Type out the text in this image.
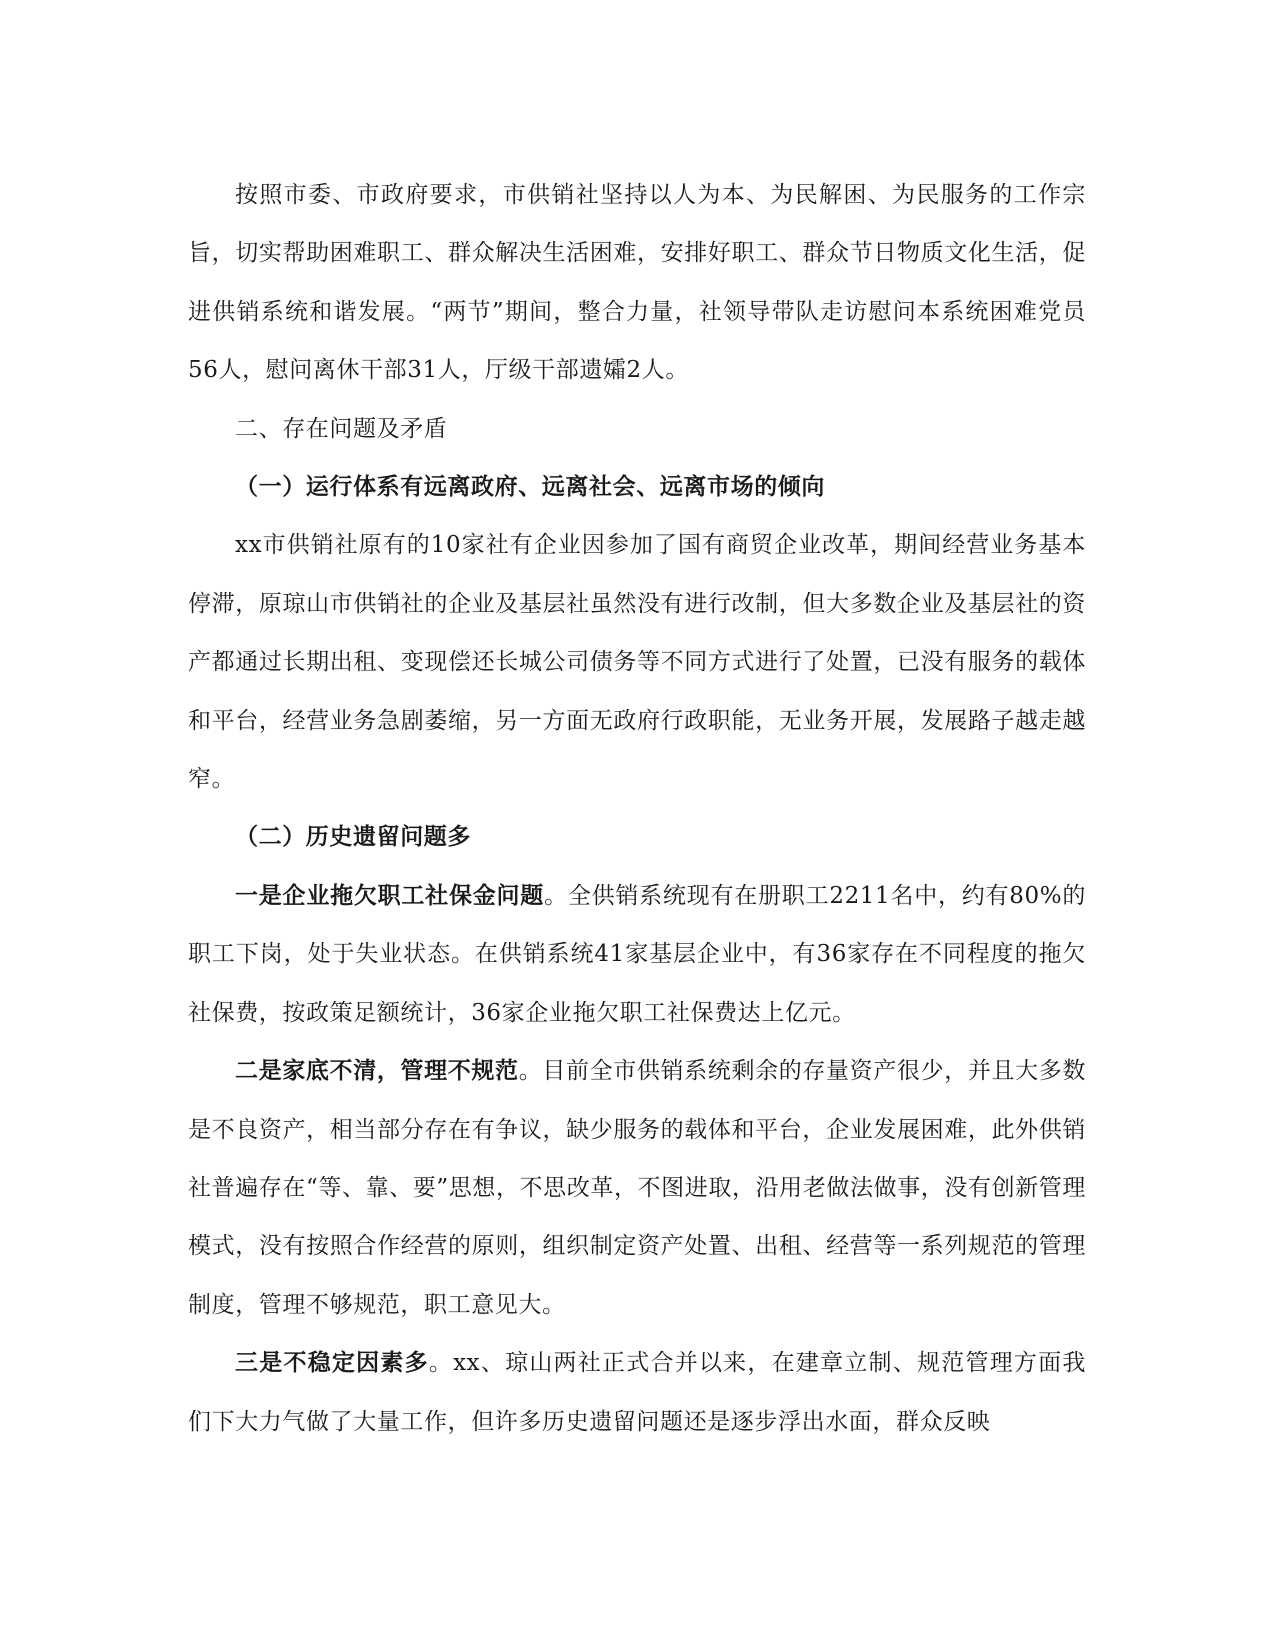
按照市委、市政府要求，市供销社坚持以人为本、为民解困、为民服务的工作宗旨，切实帮助困难职工、群众解决生活困难，安排好职工、群众节日物质文化生活，促进供销系统和谐发展。“两节”期间，整合力量，社领导带队走访慰问本系统困难党员56人，慰问离休干部31人，厅级干部遗孀2人。

二、存在问题及矛盾

（一）运行体系有远离政府、远离社会、远离市场的倾向

xx市供销社原有的10家社有企业因参加了国有商贸企业改革，期间经营业务基本停滞，原琼山市供销社的企业及基层社虽然没有进行改制，但大多数企业及基层社的资产都通过长期出租、变现偿还长城公司债务等不同方式进行了处置，已没有服务的载体和平台，经营业务急剧萎缩，另一方面无政府行政职能，无业务开展，发展路子越走越窄。

（二）历史遗留问题多

一是企业拖欠职工社保金问题。全供销系统现有在册职工2211名中，约有80%的职工下岗，处于失业状态。在供销系统41家基层企业中，有36家存在不同程度的拖欠社保费，按政策足额统计，36家企业拖欠职工社保费达上亿元。

二是家底不清，管理不规范。目前全市供销系统剩余的存量资产很少，并且大多数是不良资产，相当部分存在有争议，缺少服务的载体和平台，企业发展困难，此外供销社普遍存在“等、靠、要”思想，不思改革，不图进取，沿用老做法做事，没有创新管理模式，没有按照合作经营的原则，组织制定资产处置、出租、经营等一系列规范的管理制度，管理不够规范，职工意见大。

三是不稳定因素多。xx、琼山两社正式合并以来，在建章立制、规范管理方面我们下大力气做了大量工作，但许多历史遗留问题还是逐步浮出水面，群众反映
